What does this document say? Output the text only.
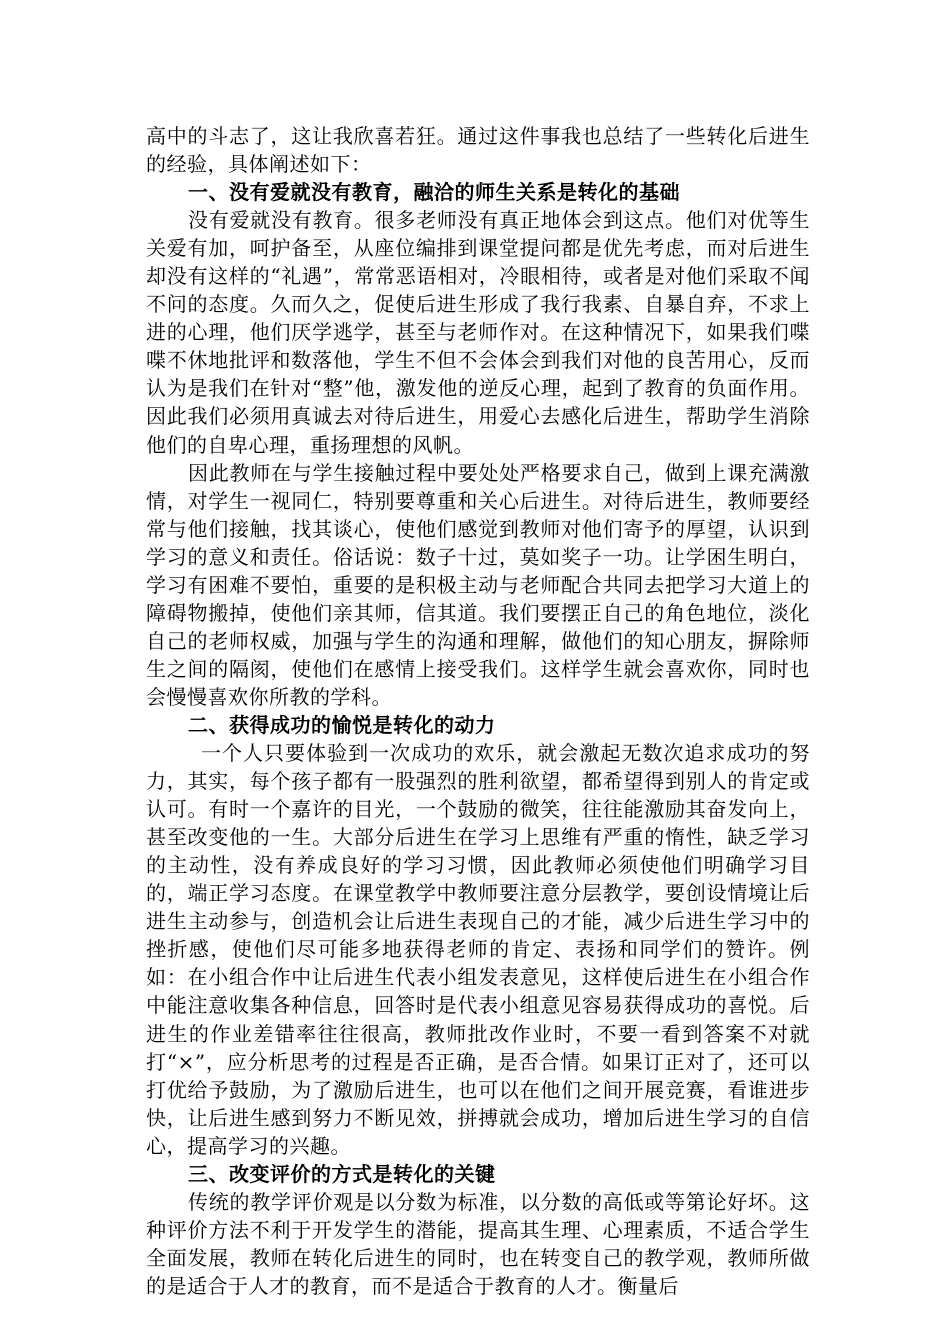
高中的斗志了，这让我欣喜若狂。通过这件事我也总结了一些转化后进生的经验，具体阐述如下：

一、没有爱就没有教育，融洽的师生关系是转化的基础

没有爱就没有教育。很多老师没有真正地体会到这点。他们对优等生关爱有加，呵护备至，从座位编排到课堂提问都是优先考虑，而对后进生却没有这样的“礼遇”，常常恶语相对，冷眼相待，或者是对他们采取不闻不问的态度。久而久之，促使后进生形成了我行我素、自暴自弃，不求上进的心理，他们厌学逃学，甚至与老师作对。在这种情况下，如果我们喋喋不休地批评和数落他，学生不但不会体会到我们对他的良苦用心，反而认为是我们在针对“整”他，激发他的逆反心理，起到了教育的负面作用。因此我们必须用真诚去对待后进生，用爱心去感化后进生，帮助学生消除他们的自卑心理，重扬理想的风帆。

因此教师在与学生接触过程中要处处严格要求自己，做到上课充满激情，对学生一视同仁，特别要尊重和关心后进生。对待后进生，教师要经常与他们接触，找其谈心，使他们感觉到教师对他们寄予的厚望，认识到学习的意义和责任。俗话说：数子十过，莫如奖子一功。让学困生明白，学习有困难不要怕，重要的是积极主动与老师配合共同去把学习大道上的障碍物搬掉，使他们亲其师，信其道。我们要摆正自己的角色地位，淡化自己的老师权威，加强与学生的沟通和理解，做他们的知心朋友，摒除师生之间的隔阂，使他们在感情上接受我们。这样学生就会喜欢你，同时也会慢慢喜欢你所教的学科。

二、获得成功的愉悦是转化的动力

一个人只要体验到一次成功的欢乐，就会激起无数次追求成功的努力，其实，每个孩子都有一股强烈的胜利欲望，都希望得到别人的肯定或认可。有时一个嘉许的目光，一个鼓励的微笑，往往能激励其奋发向上，甚至改变他的一生。大部分后进生在学习上思维有严重的惰性，缺乏学习的主动性，没有养成良好的学习习惯，因此教师必须使他们明确学习目的，端正学习态度。在课堂教学中教师要注意分层教学，要创设情境让后进生主动参与，创造机会让后进生表现自己的才能，减少后进生学习中的挫折感，使他们尽可能多地获得老师的肯定、表扬和同学们的赞许。例如：在小组合作中让后进生代表小组发表意见，这样使后进生在小组合作中能注意收集各种信息，回答时是代表小组意见容易获得成功的喜悦。后进生的作业差错率往往很高，教师批改作业时，不要一看到答案不对就打“×”，应分析思考的过程是否正确，是否合情。如果订正对了，还可以打优给予鼓励，为了激励后进生，也可以在他们之间开展竞赛，看谁进步快，让后进生感到努力不断见效，拼搏就会成功，增加后进生学习的自信心，提高学习的兴趣。

三、改变评价的方式是转化的关键

传统的教学评价观是以分数为标准，以分数的高低或等第论好坏。这种评价方法不利于开发学生的潜能，提高其生理、心理素质，不适合学生全面发展，教师在转化后进生的同时，也在转变自己的教学观，教师所做的是适合于人才的教育，而不是适合于教育的人才。衡量后
